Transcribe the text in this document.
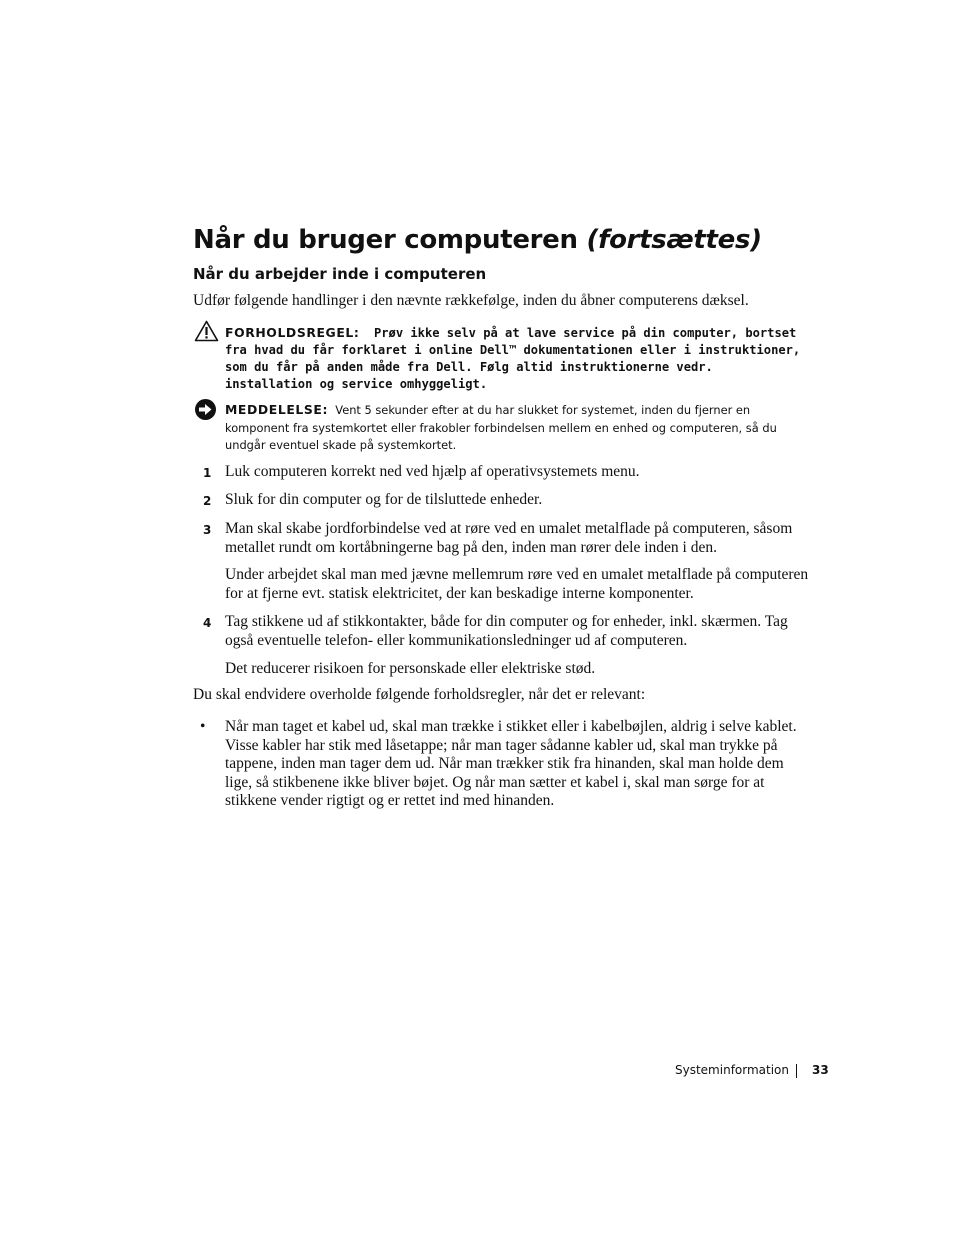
Når du bruger computeren (fortsættes)
Når du arbejder inde i computeren

Udfør følgende handlinger i den nævnte rækkefølge, inden du åbner computerens dæksel.

FORHOLDSREGEL: Prøv ikke selv på at lave service på din computer, bortset fra hvad du får forklaret i online Dell™ dokumentationen eller i instruktioner, som du får på anden måde fra Dell. Følg altid instruktionerne vedr. installation og service omhyggeligt.

MEDDELELSE: Vent 5 sekunder efter at du har slukket for systemet, inden du fjerner en komponent fra systemkortet eller frakobler forbindelsen mellem en enhed og computeren, så du undgår eventuel skade på systemkortet.

1 Luk computeren korrekt ned ved hjælp af operativsystemets menu.

2 Sluk for din computer og for de tilsluttede enheder.

3 Man skal skabe jordforbindelse ved at røre ved en umalet metalflade på computeren, såsom metallet rundt om kortåbningerne bag på den, inden man rører dele inden i den.

Under arbejdet skal man med jævne mellemrum røre ved en umalet metalflade på computeren for at fjerne evt. statisk elektricitet, der kan beskadige interne komponenter.

4 Tag stikkene ud af stikkontakter, både for din computer og for enheder, inkl. skærmen. Tag også eventuelle telefon- eller kommunikationsledninger ud af computeren.

Det reducerer risikoen for personskade eller elektriske stød.

Du skal endvidere overholde følgende forholdsregler, når det er relevant:

• Når man taget et kabel ud, skal man trække i stikket eller i kabelbøjlen, aldrig i selve kablet. Visse kabler har stik med låsetappe; når man tager sådanne kabler ud, skal man trykke på tappene, inden man tager dem ud. Når man trækker stik fra hinanden, skal man holde dem lige, så stikbenene ikke bliver bøjet. Og når man sætter et kabel i, skal man sørge for at stikkene vender rigtigt og er rettet ind med hinanden.

Systeminformation 33
